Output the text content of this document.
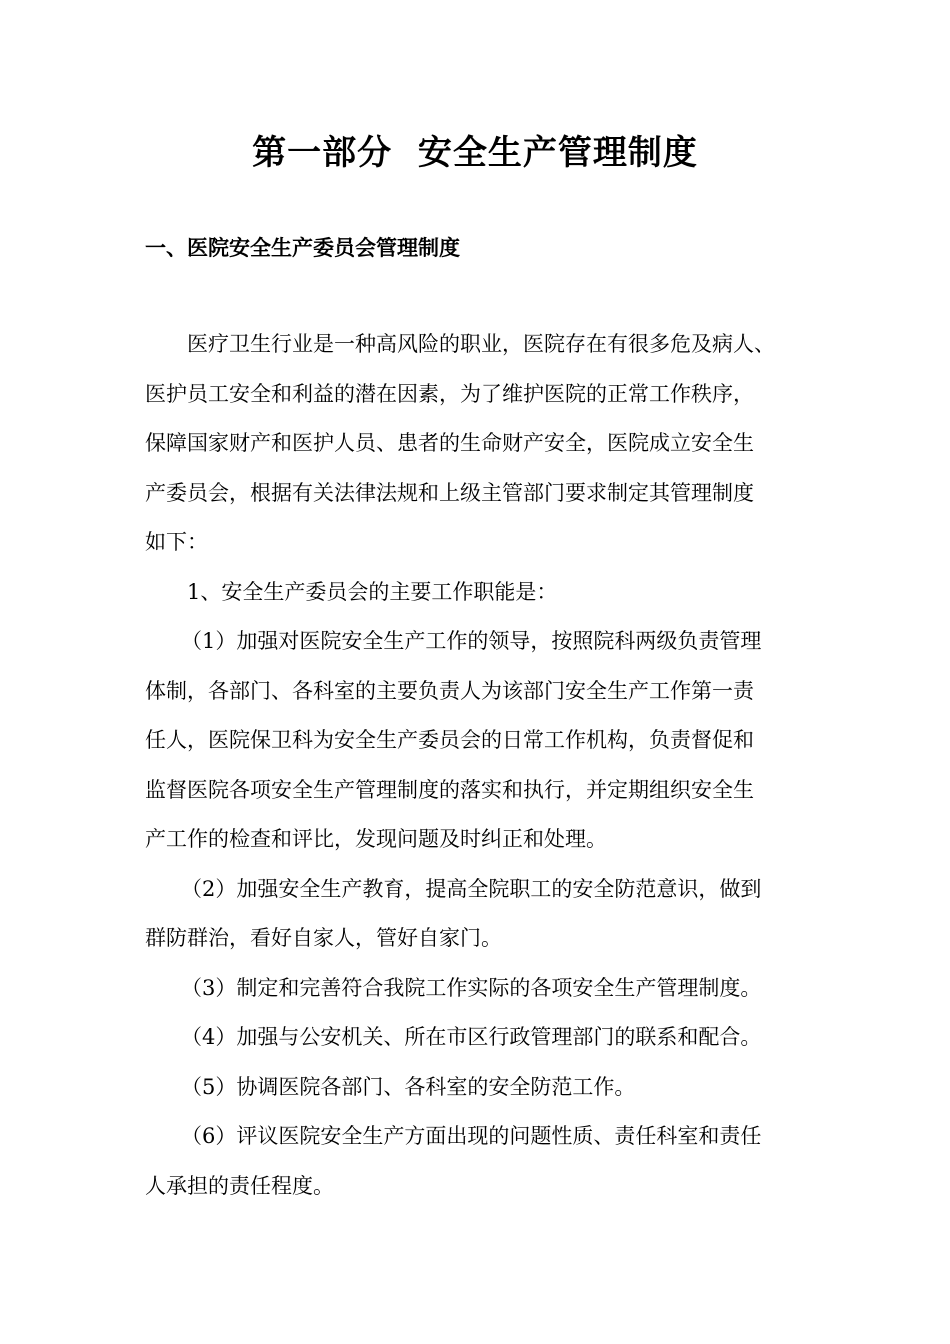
第一部分  安全生产管理制度
一、医院安全生产委员会管理制度

医疗卫生行业是一种高风险的职业，医院存在有很多危及病人、
医护员工安全和利益的潜在因素，为了维护医院的正常工作秩序，
保障国家财产和医护人员、患者的生命财产安全，医院成立安全生
产委员会，根据有关法律法规和上级主管部门要求制定其管理制度
如下：

1、安全生产委员会的主要工作职能是：

（1）加强对医院安全生产工作的领导，按照院科两级负责管理
体制，各部门、各科室的主要负责人为该部门安全生产工作第一责
任人，医院保卫科为安全生产委员会的日常工作机构，负责督促和
监督医院各项安全生产管理制度的落实和执行，并定期组织安全生
产工作的检查和评比，发现问题及时纠正和处理。

（2）加强安全生产教育，提高全院职工的安全防范意识，做到
群防群治，看好自家人，管好自家门。

（3）制定和完善符合我院工作实际的各项安全生产管理制度。

（4）加强与公安机关、所在市区行政管理部门的联系和配合。

（5）协调医院各部门、各科室的安全防范工作。

（6）评议医院安全生产方面出现的问题性质、责任科室和责任
人承担的责任程度。
